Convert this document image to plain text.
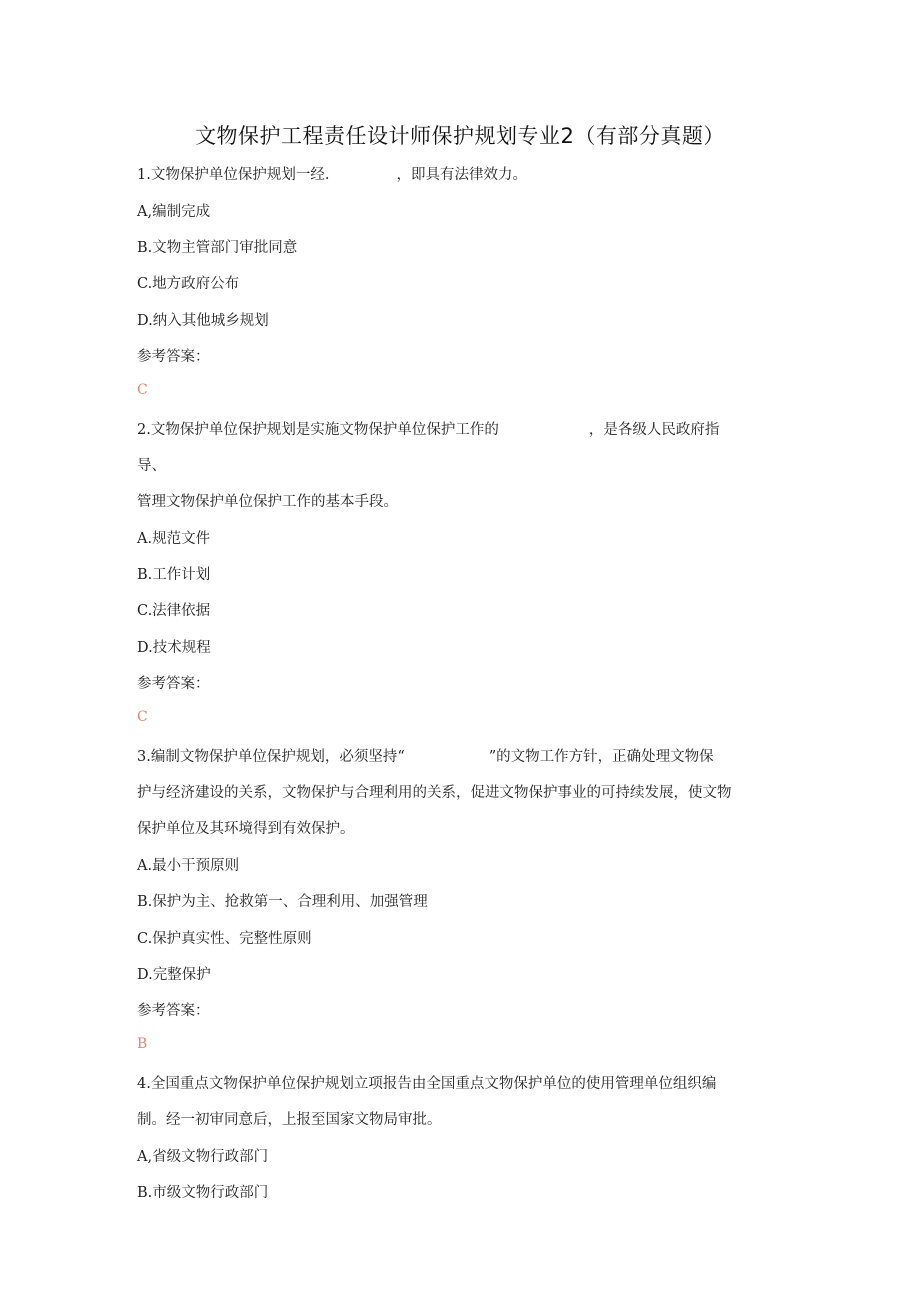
文物保护工程责任设计师保护规划专业2（有部分真题）
1.文物保护单位保护规划一经.	，即具有法律效力。
A,编制完成
B.文物主管部门审批同意
C.地方政府公布
D.纳入其他城乡规划
参考答案：
C
2.文物保护单位保护规划是实施文物保护单位保护工作的	，是各级人民政府指
导、
管理文物保护单位保护工作的基本手段。
A.规范文件
B.工作计划
C.法律依据
D.技术规程
参考答案：
C
3.编制文物保护单位保护规划，必须坚持“	”的文物工作方针，正确处理文物保
护与经济建设的关系，文物保护与合理利用的关系，促进文物保护事业的可持续发展，使文物
保护单位及其环境得到有效保护。
A.最小干预原则
B.保护为主、抢救第一、合理利用、加强管理
C.保护真实性、完整性原则
D.完整保护
参考答案：
B
4.全国重点文物保护单位保护规划立项报告由全国重点文物保护单位的使用管理单位组织编
制。经一初审同意后，上报至国家文物局审批。
A,省级文物行政部门
B.市级文物行政部门
